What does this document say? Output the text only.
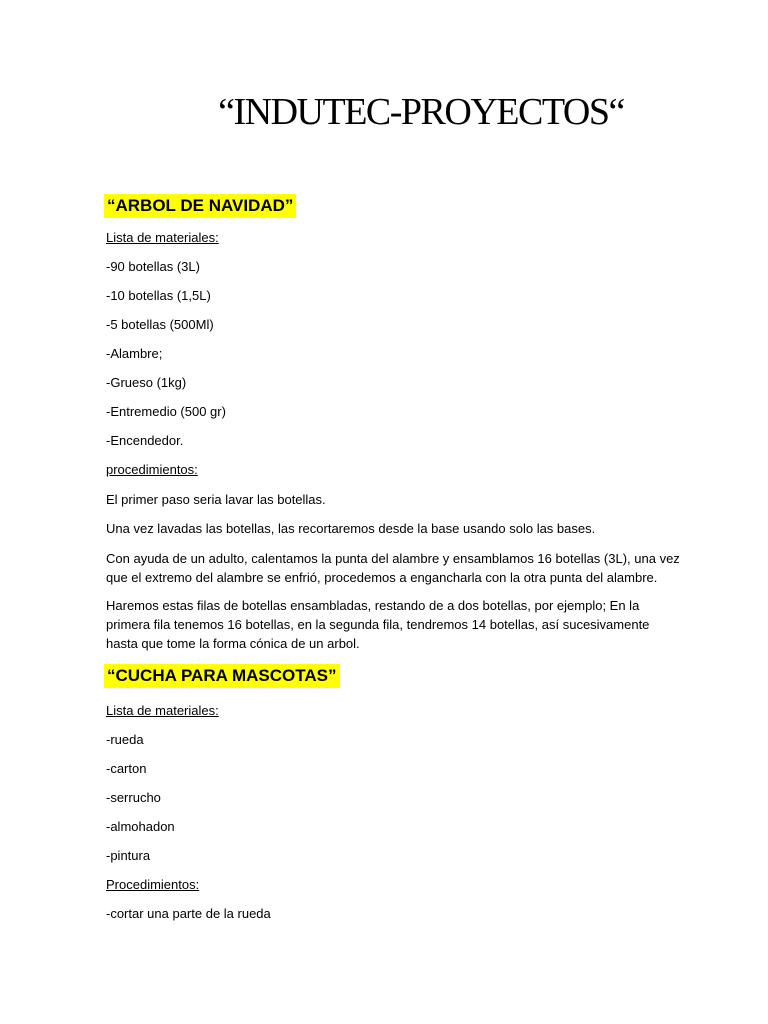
“INDUTEC-PROYECTOS“
“ARBOL DE NAVIDAD”
Lista de materiales:
-90 botellas (3L)
-10 botellas (1,5L)
-5 botellas (500Ml)
-Alambre;
-Grueso (1kg)
-Entremedio (500 gr)
-Encendedor.
procedimientos:
El primer paso seria lavar las botellas.
Una vez lavadas las botellas, las recortaremos desde la base usando solo las bases.
Con ayuda de un adulto, calentamos la punta del alambre y ensamblamos 16 botellas (3L), una vez
que el extremo del alambre se enfrió, procedemos a engancharla con la otra punta del alambre.
Haremos estas filas de botellas ensambladas, restando de a dos botellas, por ejemplo; En la
primera fila tenemos 16 botellas, en la segunda fila, tendremos 14 botellas, así sucesivamente
hasta que tome la forma cónica de un arbol.
“CUCHA PARA MASCOTAS”
Lista de materiales:
-rueda
-carton
-serrucho
-almohadon
-pintura
Procedimientos:
-cortar una parte de la rueda
